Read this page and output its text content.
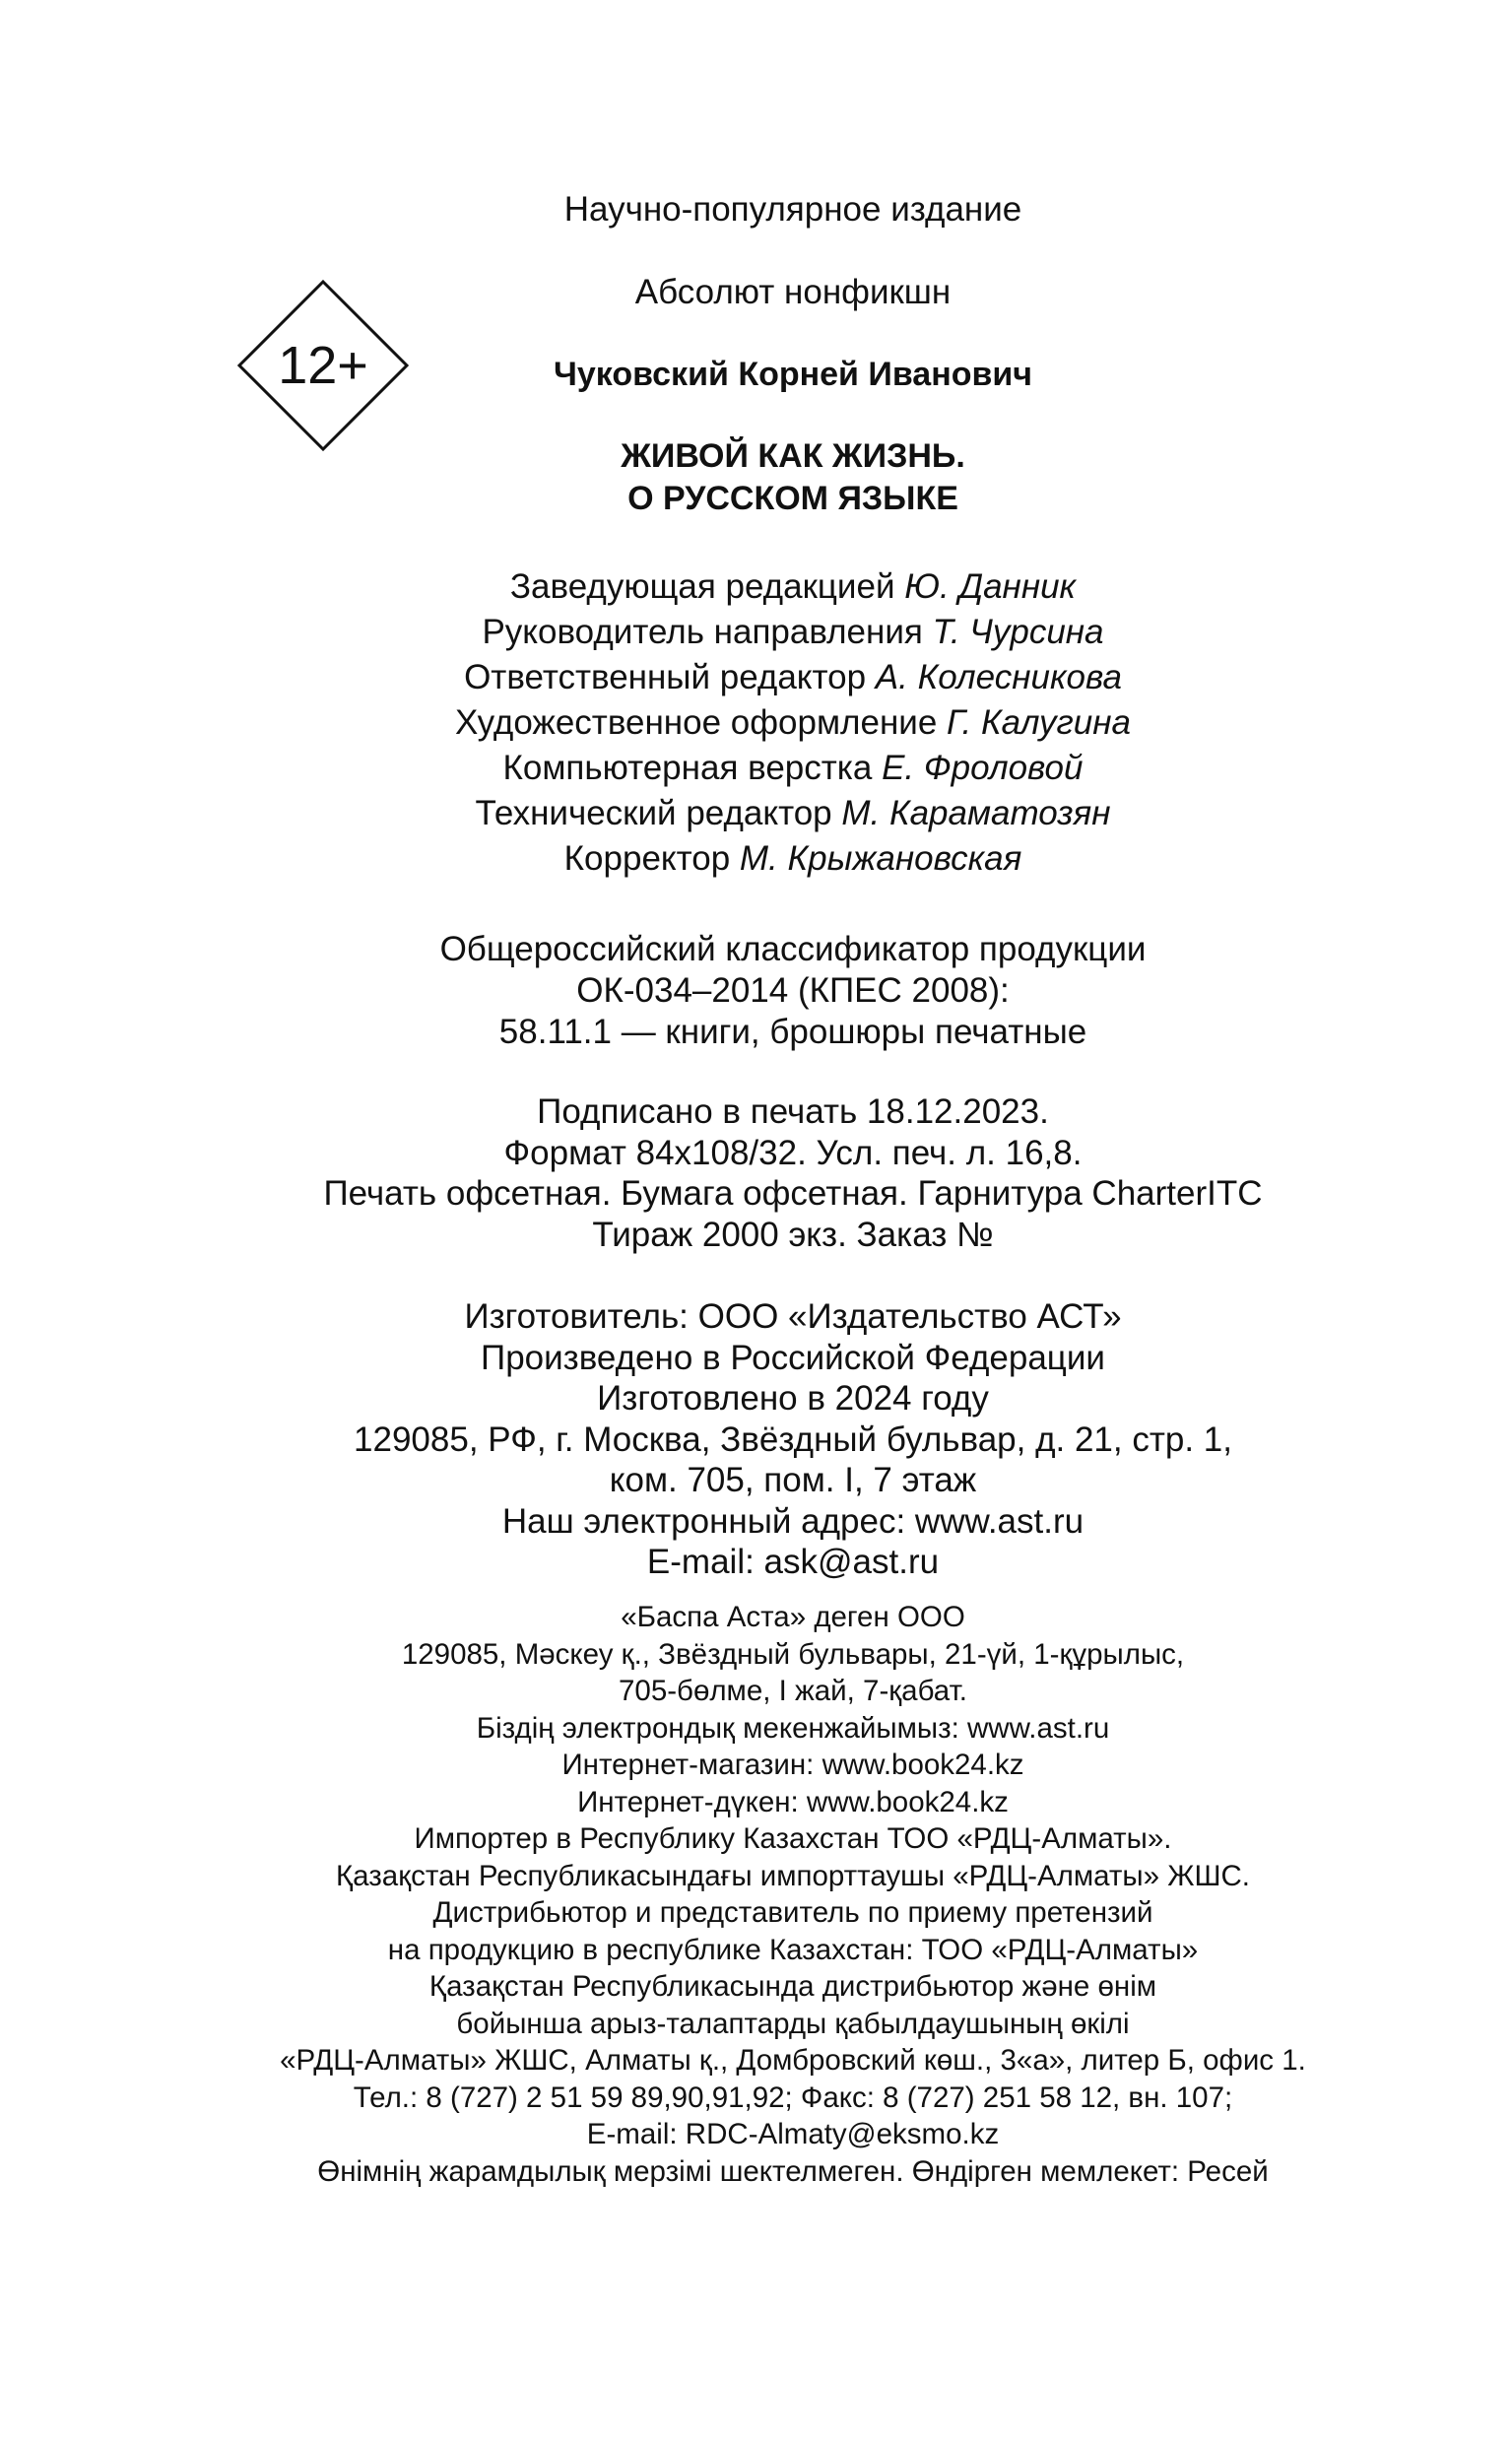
12+
Научно-популярное издание
Абсолют нонфикшн
Чуковский Корней Иванович
ЖИВОЙ КАК ЖИЗНЬ.
О РУССКОМ ЯЗЫКЕ
Заведующая редакцией Ю. Данник
Руководитель направления Т. Чурсина
Ответственный редактор А. Колесникова
Художественное оформление Г. Калугина
Компьютерная верстка Е. Фроловой
Технический редактор М. Караматозян
Корректор М. Крыжановская
Общероссийский классификатор продукции
ОК-034–2014 (КПЕС 2008):
58.11.1 — книги, брошюры печатные
Подписано в печать 18.12.2023.
Формат 84x108/32. Усл. печ. л. 16,8.
Печать офсетная. Бумага офсетная. Гарнитура CharterITC
Тираж 2000 экз. Заказ №
Изготовитель: ООО «Издательство АСТ»
Произведено в Российской Федерации
Изготовлено в 2024 году
129085, РФ, г. Москва, Звёздный бульвар, д. 21, стр. 1,
ком. 705, пом. I, 7 этаж
Наш электронный адрес: www.ast.ru
E-mail: ask@ast.ru
«Баспа Аста» деген ООО
129085, Мәскеу қ., Звёздный бульвары, 21-үй, 1-құрылыс,
705-бөлме, I жай, 7-қабат.
Біздің электрондық мекенжайымыз: www.ast.ru
Интернет-магазин: www.book24.kz
Интернет-дүкен: www.book24.kz
Импортер в Республику Казахстан ТОО «РДЦ-Алматы».
Қазақстан Республикасындағы импорттаушы «РДЦ-Алматы» ЖШС.
Дистрибьютор и представитель по приему претензий
на продукцию в республике Казахстан: ТОО «РДЦ-Алматы»
Қазақстан Республикасында дистрибьютор және өнім
бойынша арыз-талаптарды қабылдаушының өкілі
«РДЦ-Алматы» ЖШС, Алматы қ., Домбровский көш., 3«а», литер Б, офис 1.
Тел.: 8 (727) 2 51 59 89,90,91,92; Факс: 8 (727) 251 58 12, вн. 107;
E-mail: RDC-Almaty@eksmo.kz
Өнімнің жарамдылық мерзімі шектелмеген. Өндірген мемлекет: Ресей
